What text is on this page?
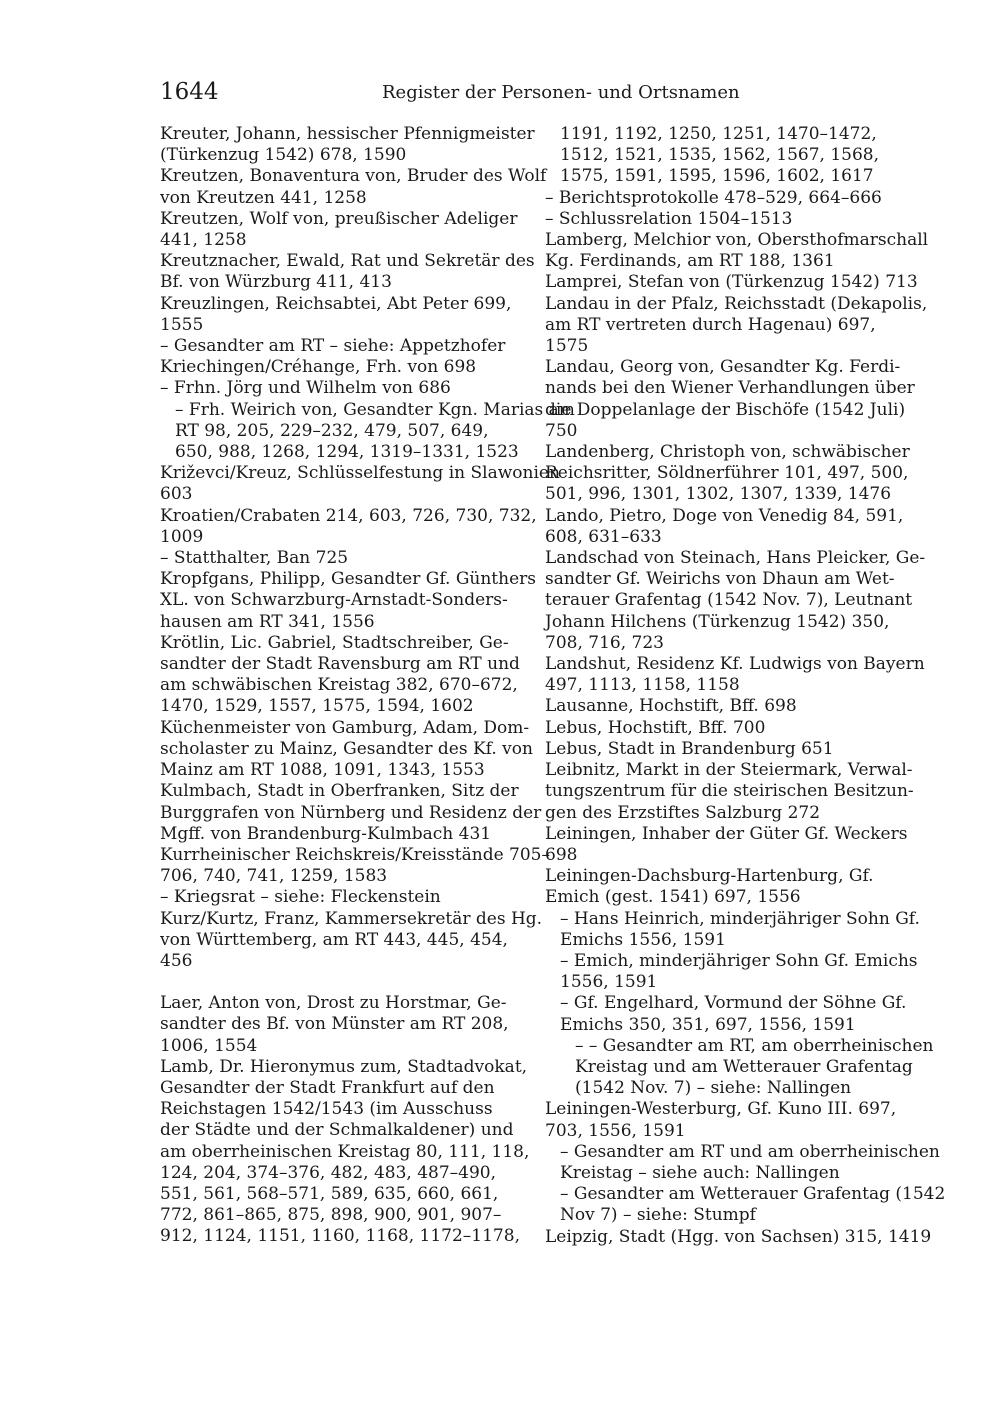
1644	Register der Personen- und Ortsnamen
Kreuter, Johann, hessischer Pfennigmeister
(Türkenzug 1542) 678, 1590
Kreutzen, Bonaventura von, Bruder des Wolf
von Kreutzen 441, 1258
Kreutzen, Wolf von, preußischer Adeliger
441, 1258
Kreutznacher, Ewald, Rat und Sekretär des
Bf. von Würzburg 411, 413
Kreuzlingen, Reichsabtei, Abt Peter 699,
1555
– Gesandter am RT – siehe: Appetzhofer
Kriechingen/Créhange, Frh. von 698
– Frhn. Jörg und Wilhelm von 686
– Frh. Weirich von, Gesandter Kgn. Marias am
RT 98, 205, 229–232, 479, 507, 649,
650, 988, 1268, 1294, 1319–1331, 1523
Križevci/Kreuz, Schlüsselfestung in Slawonien
603
Kroatien/Crabaten 214, 603, 726, 730, 732,
1009
– Statthalter, Ban 725
Kropfgans, Philipp, Gesandter Gf. Günthers
XL. von Schwarzburg-Arnstadt-Sonders-
hausen am RT 341, 1556
Krötlin, Lic. Gabriel, Stadtschreiber, Ge-
sandter der Stadt Ravensburg am RT und
am schwäbischen Kreistag 382, 670–672,
1470, 1529, 1557, 1575, 1594, 1602
Küchenmeister von Gamburg, Adam, Dom-
scholaster zu Mainz, Gesandter des Kf. von
Mainz am RT 1088, 1091, 1343, 1553
Kulmbach, Stadt in Oberfranken, Sitz der
Burggrafen von Nürnberg und Residenz der
Mgff. von Brandenburg-Kulmbach 431
Kurrheinischer Reichskreis/Kreisstände 705–
706, 740, 741, 1259, 1583
– Kriegsrat – siehe: Fleckenstein
Kurz/Kurtz, Franz, Kammersekretär des Hg.
von Württemberg, am RT 443, 445, 454,
456
Laer, Anton von, Drost zu Horstmar, Ge-
sandter des Bf. von Münster am RT 208,
1006, 1554
Lamb, Dr. Hieronymus zum, Stadtadvokat,
Gesandter der Stadt Frankfurt auf den
Reichstagen 1542/1543 (im Ausschuss
der Städte und der Schmalkaldener) und
am oberrheinischen Kreistag 80, 111, 118,
124, 204, 374–376, 482, 483, 487–490,
551, 561, 568–571, 589, 635, 660, 661,
772, 861–865, 875, 898, 900, 901, 907–
912, 1124, 1151, 1160, 1168, 1172–1178,
1191, 1192, 1250, 1251, 1470–1472,
1512, 1521, 1535, 1562, 1567, 1568,
1575, 1591, 1595, 1596, 1602, 1617
– Berichtsprotokolle 478–529, 664–666
– Schlussrelation 1504–1513
Lamberg, Melchior von, Obersthofmarschall
Kg. Ferdinands, am RT 188, 1361
Lamprei, Stefan von (Türkenzug 1542) 713
Landau in der Pfalz, Reichsstadt (Dekapolis,
am RT vertreten durch Hagenau) 697,
1575
Landau, Georg von, Gesandter Kg. Ferdi-
nands bei den Wiener Verhandlungen über
die Doppelanlage der Bischöfe (1542 Juli)
750
Landenberg, Christoph von, schwäbischer
Reichsritter, Söldnerführer 101, 497, 500,
501, 996, 1301, 1302, 1307, 1339, 1476
Lando, Pietro, Doge von Venedig 84, 591,
608, 631–633
Landschad von Steinach, Hans Pleicker, Ge-
sandter Gf. Weirichs von Dhaun am Wet-
terauer Grafentag (1542 Nov. 7), Leutnant
Johann Hilchens (Türkenzug 1542) 350,
708, 716, 723
Landshut, Residenz Kf. Ludwigs von Bayern
497, 1113, 1158, 1158
Lausanne, Hochstift, Bff. 698
Lebus, Hochstift, Bff. 700
Lebus, Stadt in Brandenburg 651
Leibnitz, Markt in der Steiermark, Verwal-
tungszentrum für die steirischen Besitzun-
gen des Erzstiftes Salzburg 272
Leiningen, Inhaber der Güter Gf. Weckers
698
Leiningen-Dachsburg-Hartenburg, Gf.
Emich (gest. 1541) 697, 1556
– Hans Heinrich, minderjähriger Sohn Gf.
Emichs 1556, 1591
– Emich, minderjähriger Sohn Gf. Emichs
1556, 1591
– Gf. Engelhard, Vormund der Söhne Gf.
Emichs 350, 351, 697, 1556, 1591
– – Gesandter am RT, am oberrheinischen
Kreistag und am Wetterauer Grafentag
(1542 Nov. 7) – siehe: Nallingen
Leiningen-Westerburg, Gf. Kuno III. 697,
703, 1556, 1591
– Gesandter am RT und am oberrheinischen
Kreistag – siehe auch: Nallingen
– Gesandter am Wetterauer Grafentag (1542
Nov 7) – siehe: Stumpf
Leipzig, Stadt (Hgg. von Sachsen) 315, 1419
